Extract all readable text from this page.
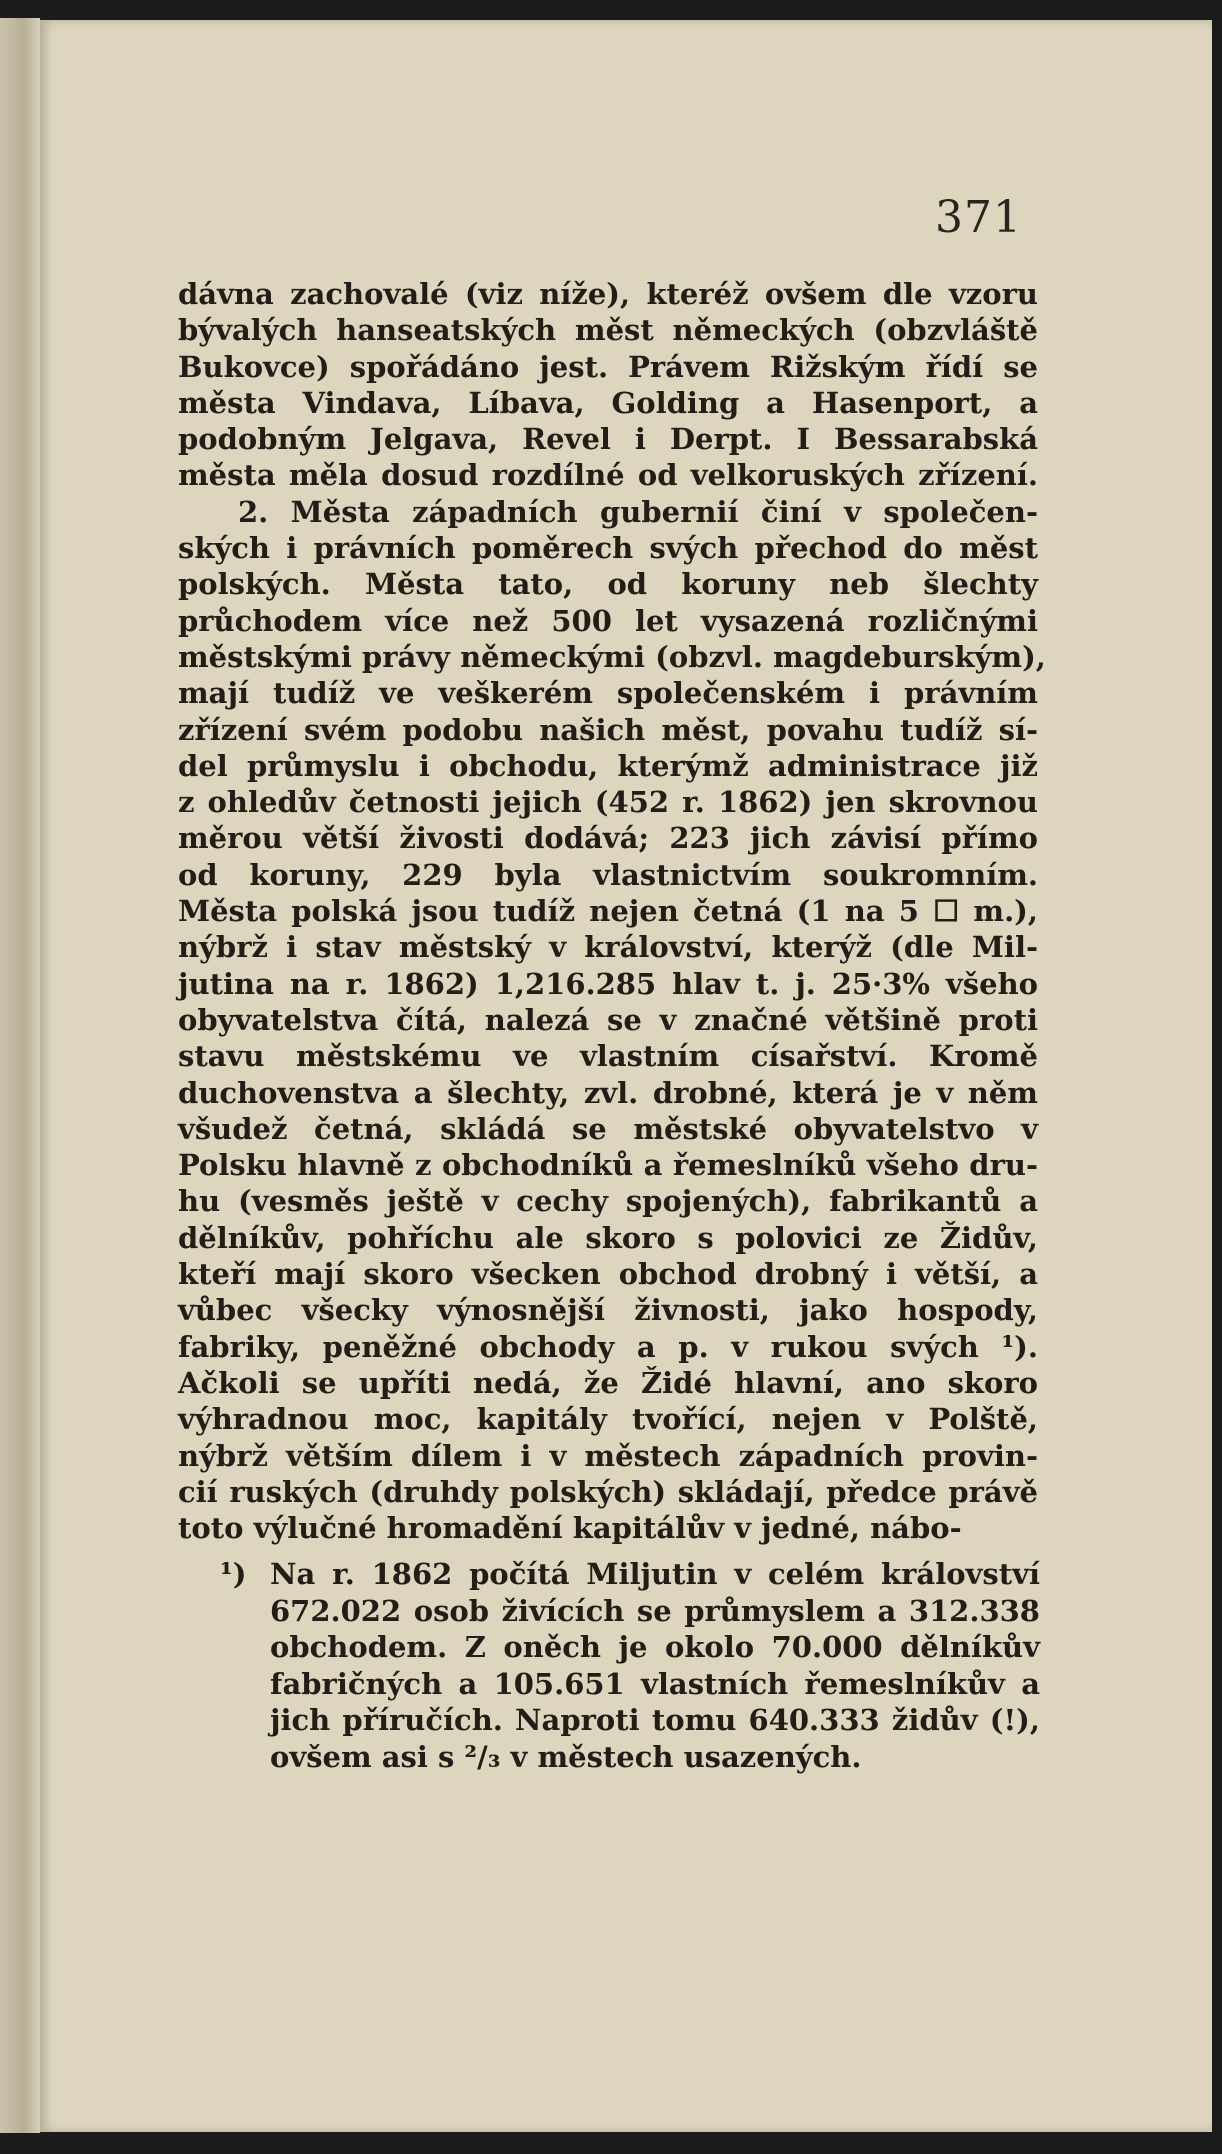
371
dávna zachovalé (viz níže), kteréž ovšem dle vzoru
bývalých hanseatských měst německých (obzvláště
Bukovce) spořádáno jest. Právem Rižským řídí se
města Vindava, Líbava, Golding a Hasenport, a
podobným Jelgava, Revel i Derpt. I Bessarabská
města měla dosud rozdílné od velkoruských zřízení.
2. Města západních gubernií činí v společen-
ských i právních poměrech svých přechod do měst
polských. Města tato, od koruny neb šlechty
průchodem více než 500 let vysazená rozličnými
městskými právy německými (obzvl. magdeburským),
mají tudíž ve veškerém společenském i právním
zřízení svém podobu našich měst, povahu tudíž sí-
del průmyslu i obchodu, kterýmž administrace již
z ohledův četnosti jejich (452 r. 1862) jen skrovnou
měrou větší živosti dodává; 223 jich závisí přímo
od koruny, 229 byla vlastnictvím soukromním.
Města polská jsou tudíž nejen četná (1 na 5 ☐ m.),
nýbrž i stav městský v království, kterýž (dle Mil-
jutina na r. 1862) 1,216.285 hlav t. j. 25·3% všeho
obyvatelstva čítá, nalezá se v značné většině proti
stavu městskému ve vlastním císařství. Kromě
duchovenstva a šlechty, zvl. drobné, která je v něm
všudež četná, skládá se městské obyvatelstvo v
Polsku hlavně z obchodníků a řemeslníků všeho dru-
hu (vesměs ještě v cechy spojených), fabrikantů a
dělníkův, pohříchu ale skoro s polovici ze Židův,
kteří mají skoro všecken obchod drobný i větší, a
vůbec všecky výnosnější živnosti, jako hospody,
fabriky, peněžné obchody a p. v rukou svých ¹).
Ačkoli se upříti nedá, že Židé hlavní, ano skoro
výhradnou moc, kapitály tvořící, nejen v Polště,
nýbrž větším dílem i v městech západních provin-
cií ruských (druhdy polských) skládají, předce právě
toto výlučné hromadění kapitálův v jedné, nábo-
¹) Na r. 1862 počítá Miljutin v celém království
672.022 osob živících se průmyslem a 312.338
obchodem. Z oněch je okolo 70.000 dělníkův
fabričných a 105.651 vlastních řemeslníkův a
jich příručích. Naproti tomu 640.333 židův (!),
ovšem asi s ²/₃ v městech usazených.
